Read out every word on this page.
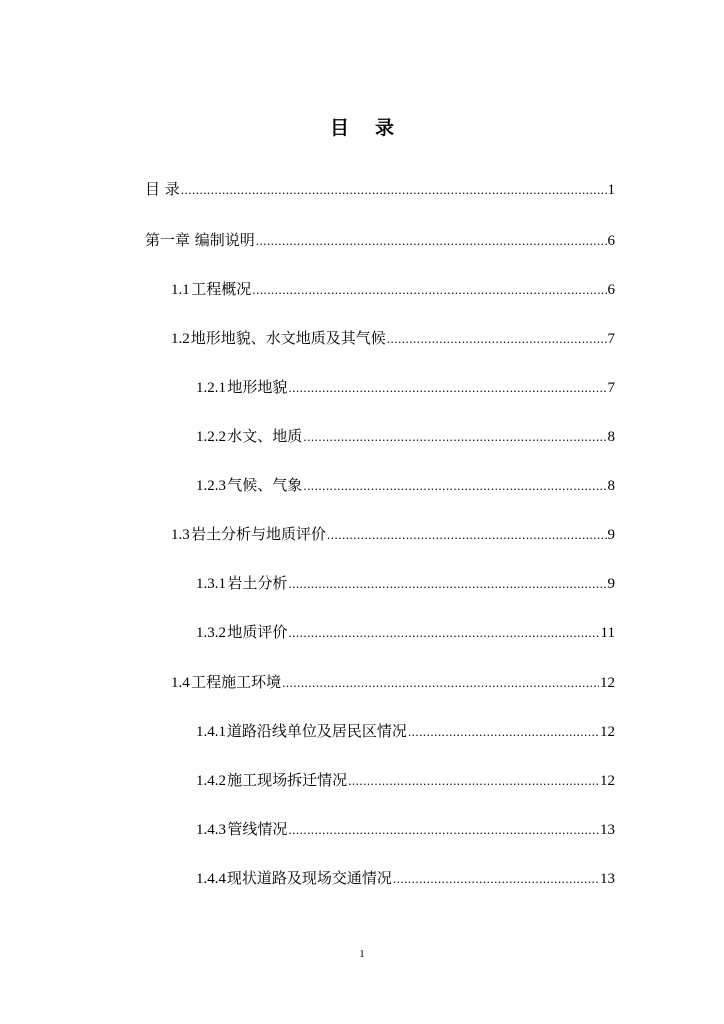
目 录
目 录 .....	1
第一章 编制说明 .....	6
1.1 工程概况 .....	6
1.2 地形地貌、水文地质及其气候 .....	7
1.2.1 地形地貌 .....	7
1.2.2 水文、地质 .....	8
1.2.3 气候、气象 .....	8
1.3 岩土分析与地质评价 .....	9
1.3.1 岩土分析 .....	9
1.3.2 地质评价 .....	11
1.4 工程施工环境 .....	12
1.4.1 道路沿线单位及居民区情况 .....	12
1.4.2 施工现场拆迁情况 .....	12
1.4.3 管线情况 .....	13
1.4.4 现状道路及现场交通情况 .....	13
1
